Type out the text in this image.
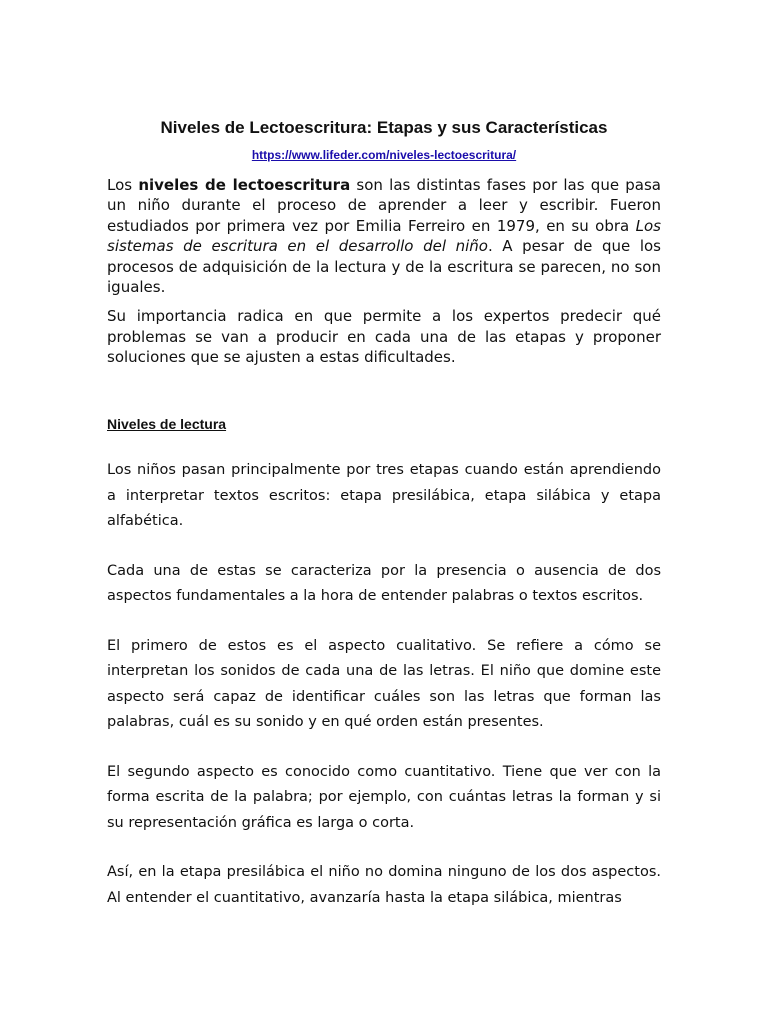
Niveles de Lectoescritura: Etapas y sus Características
https://www.lifeder.com/niveles-lectoescritura/

Los niveles de lectoescritura son las distintas fases por las que pasa un niño durante el proceso de aprender a leer y escribir. Fueron estudiados por primera vez por Emilia Ferreiro en 1979, en su obra Los sistemas de escritura en el desarrollo del niño. A pesar de que los procesos de adquisición de la lectura y de la escritura se parecen, no son iguales.

Su importancia radica en que permite a los expertos predecir qué problemas se van a producir en cada una de las etapas y proponer soluciones que se ajusten a estas dificultades.

Niveles de lectura

Los niños pasan principalmente por tres etapas cuando están aprendiendo a interpretar textos escritos: etapa presilábica, etapa silábica y etapa alfabética.

Cada una de estas se caracteriza por la presencia o ausencia de dos aspectos fundamentales a la hora de entender palabras o textos escritos.

El primero de estos es el aspecto cualitativo. Se refiere a cómo se interpretan los sonidos de cada una de las letras. El niño que domine este aspecto será capaz de identificar cuáles son las letras que forman las palabras, cuál es su sonido y en qué orden están presentes.

El segundo aspecto es conocido como cuantitativo. Tiene que ver con la forma escrita de la palabra; por ejemplo, con cuántas letras la forman y si su representación gráfica es larga o corta.

Así, en la etapa presilábica el niño no domina ninguno de los dos aspectos. Al entender el cuantitativo, avanzaría hasta la etapa silábica, mientras
